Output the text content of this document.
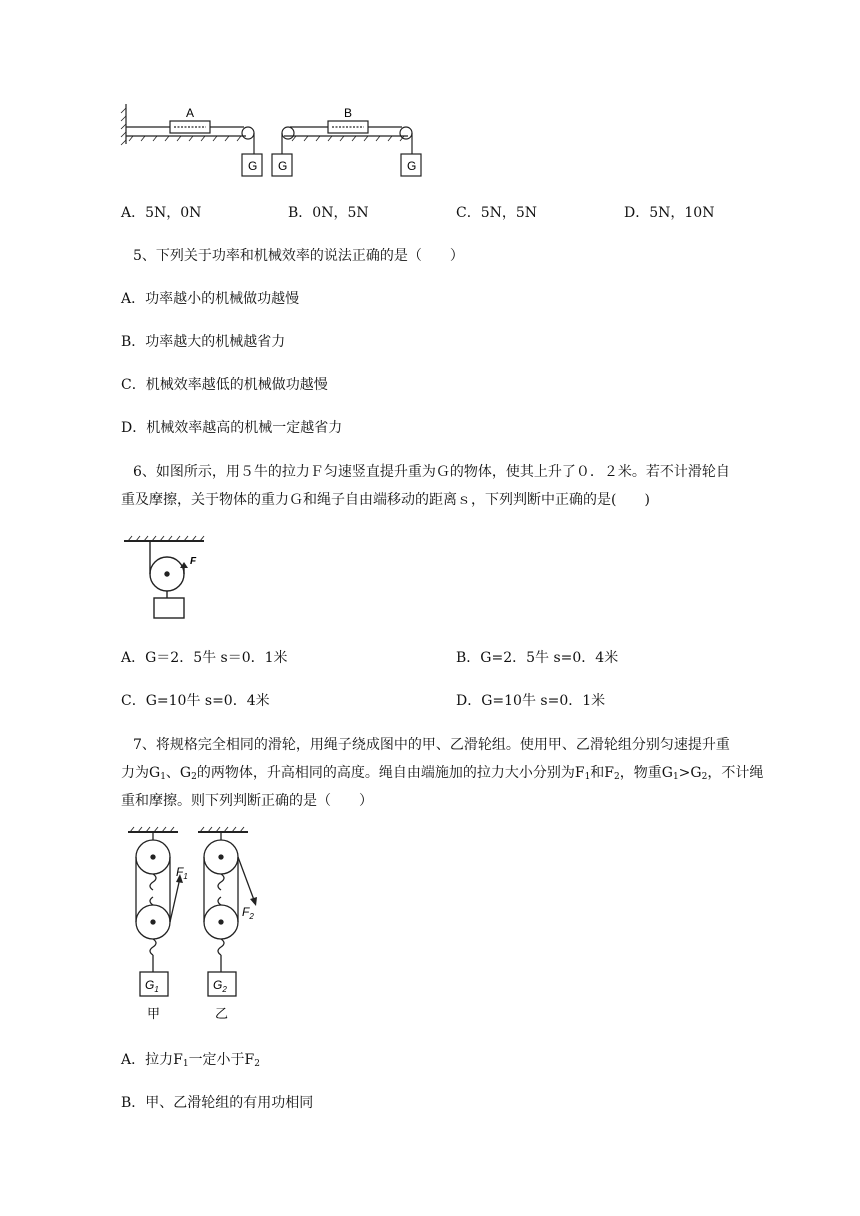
A	B
G G	G
A．5N，0N	B．0N，5N	C．5N，5N	D．5N，10N
5、下列关于功率和机械效率的说法正确的是（　　）
A．功率越小的机械做功越慢
B．功率越大的机械越省力
C．机械效率越低的机械做功越慢
D．机械效率越高的机械一定越省力
6、如图所示，用５牛的拉力Ｆ匀速竖直提升重为Ｇ的物体，使其上升了０．２米。若不计滑轮自
重及摩擦，关于物体的重力Ｇ和绳子自由端移动的距离ｓ，下列判断中正确的是(　　)
F
A．G＝2．5牛 s＝0．1米	B．G=2．5牛 s=0．4米
C．G=10牛 s=0．4米	D．G=10牛 s=0．1米
7、将规格完全相同的滑轮，用绳子绕成图中的甲、乙滑轮组。使用甲、乙滑轮组分别匀速提升重
力为$G_1$、$G_2$的两物体，升高相同的高度。绳自由端施加的拉力大小分别为$F_1$和$F_2$，物重$G_1>G_2$，不计绳
重和摩擦。则下列判断正确的是（　　）
$F_1$
$F_2$
$G_1$	$G_2$
甲	乙
A．拉力$F_1$一定小于$F_2$
B．甲、乙滑轮组的有用功相同
